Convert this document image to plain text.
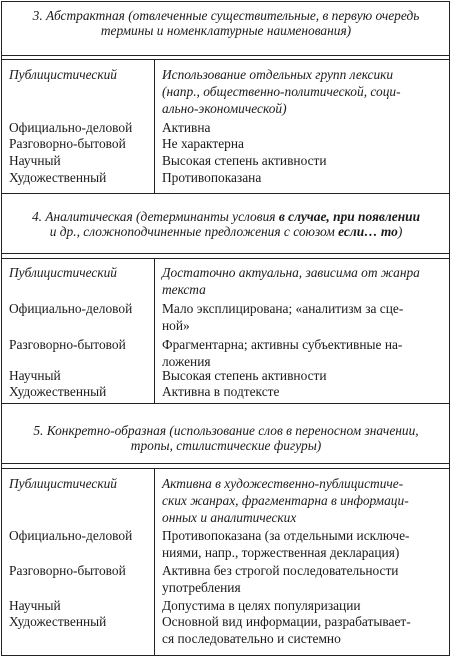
3. Абстрактная (отвлеченные существительные, в первую очередь
термины и номенклатурные наименования)
Публицистический	Использование отдельных групп лексики
(напр., общественно-политической, соци-
ально-экономической)
Официально-деловой Активна
Разговорно-бытовой	Не характерна
Научный	Высокая степень активности
Художественный	Противопоказана
4. Аналитическая (детерминанты условия в случае, при появлении
и др., сложноподчиненные предложения с союзом если… то)
Публицистический	Достаточно актуальна, зависима от жанра
текста
Официально-деловой Мало эксплицирована; «аналитизм за сце-
ной»
Разговорно-бытовой	Фрагментарна; активны субъективные на-
ложения
Научный	Высокая степень активности
Художественный	Активна в подтексте
5. Конкретно-образная (использование слов в переносном значении,
тропы, стилистические фигуры)
Публицистический	Активна в художественно-публицистиче-
ских жанрах, фрагментарна в информаци-
онных и аналитических
Официально-деловой Противопоказана (за отдельными исключе-
ниями, напр., торжественная декларация)
Разговорно-бытовой	Активна без строгой последовательности
употребления
Научный	Допустима в целях популяризации
Художественный	Основной вид информации, разрабатывает-
ся последовательно и системно
